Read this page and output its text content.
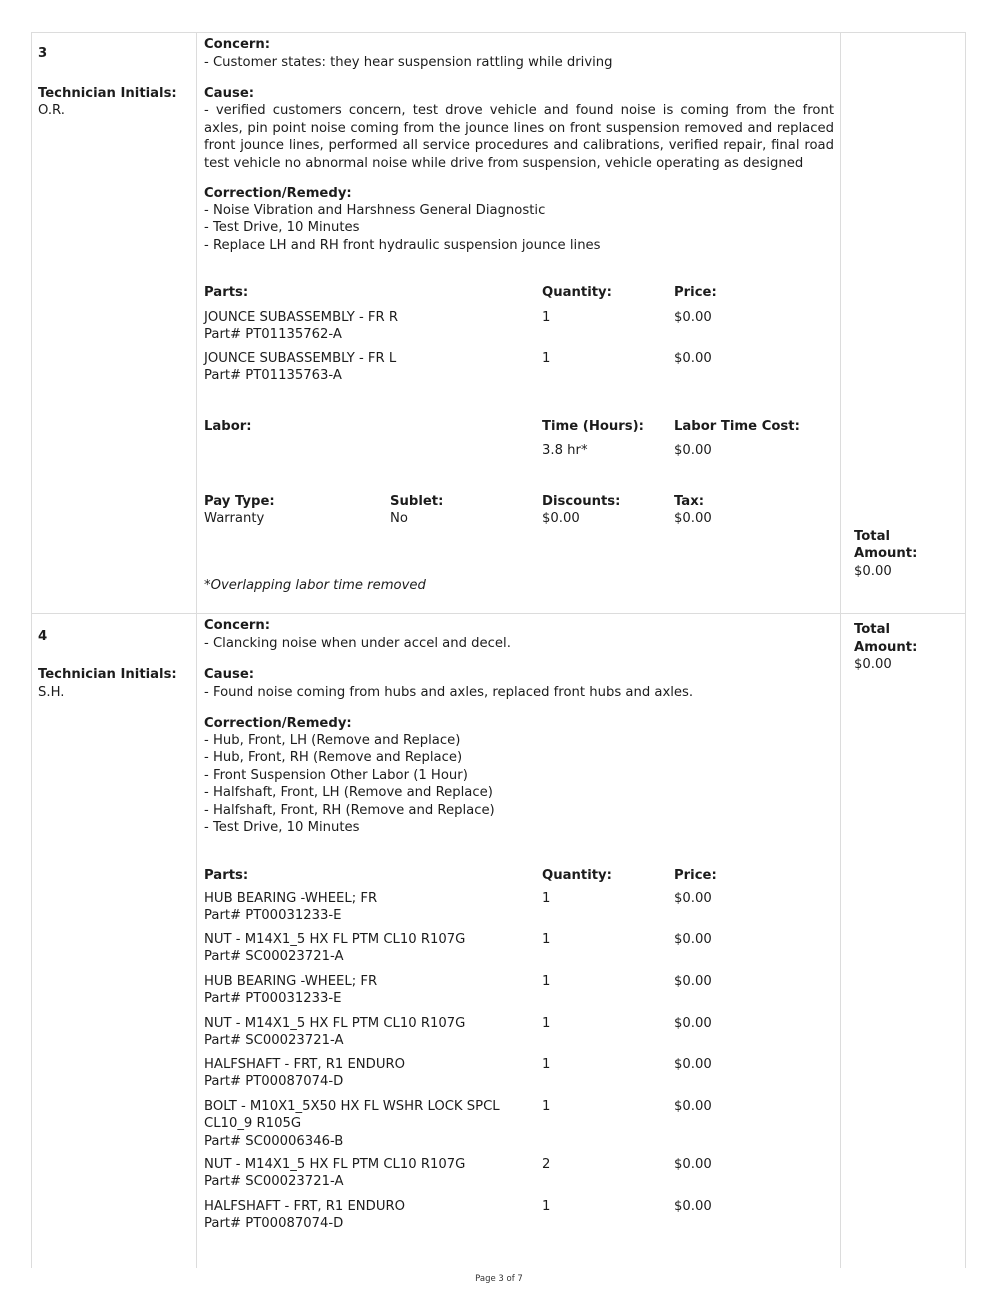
3
Technician Initials:
O.R.
Concern:
- Customer states: they hear suspension rattling while driving
Cause:
- verified customers concern, test drove vehicle and found noise is coming from the front axles, pin point noise coming from the jounce lines on front suspension removed and replaced front jounce lines, performed all service procedures and calibrations, verified repair, final road test vehicle no abnormal noise while drive from suspension, vehicle operating as designed
Correction/Remedy:
- Noise Vibration and Harshness General Diagnostic
- Test Drive, 10 Minutes
- Replace LH and RH front hydraulic suspension jounce lines
Parts:	Quantity:	Price:
JOUNCE SUBASSEMBLY - FR R
Part# PT01135762-A
1	$0.00
JOUNCE SUBASSEMBLY - FR L
Part# PT01135763-A
1	$0.00
Labor:	Time (Hours): Labor Time Cost:
3.8 hr*	$0.00
Pay Type:
Warranty
Sublet:
No
Discounts:
$0.00
Tax:
$0.00
*Overlapping labor time removed
Total
Amount:
$0.00
4
Technician Initials:
S.H.
Concern:
- Clancking noise when under accel and decel.
Cause:
- Found noise coming from hubs and axles, replaced front hubs and axles.
Correction/Remedy:
- Hub, Front, LH (Remove and Replace)
- Hub, Front, RH (Remove and Replace)
- Front Suspension Other Labor (1 Hour)
- Halfshaft, Front, LH (Remove and Replace)
- Halfshaft, Front, RH (Remove and Replace)
- Test Drive, 10 Minutes
Parts:	Quantity:	Price:
HUB BEARING -WHEEL; FR
Part# PT00031233-E
1	$0.00
NUT - M14X1_5 HX FL PTM CL10 R107G
Part# SC00023721-A
1	$0.00
HUB BEARING -WHEEL; FR
Part# PT00031233-E
1	$0.00
NUT - M14X1_5 HX FL PTM CL10 R107G
Part# SC00023721-A
1	$0.00
HALFSHAFT - FRT, R1 ENDURO
Part# PT00087074-D
1	$0.00
BOLT - M10X1_5X50 HX FL WSHR LOCK SPCL
CL10_9 R105G
Part# SC00006346-B
1	$0.00
NUT - M14X1_5 HX FL PTM CL10 R107G
Part# SC00023721-A
2	$0.00
HALFSHAFT - FRT, R1 ENDURO
Part# PT00087074-D
1	$0.00
Total
Amount:
$0.00
Page 3 of 7
